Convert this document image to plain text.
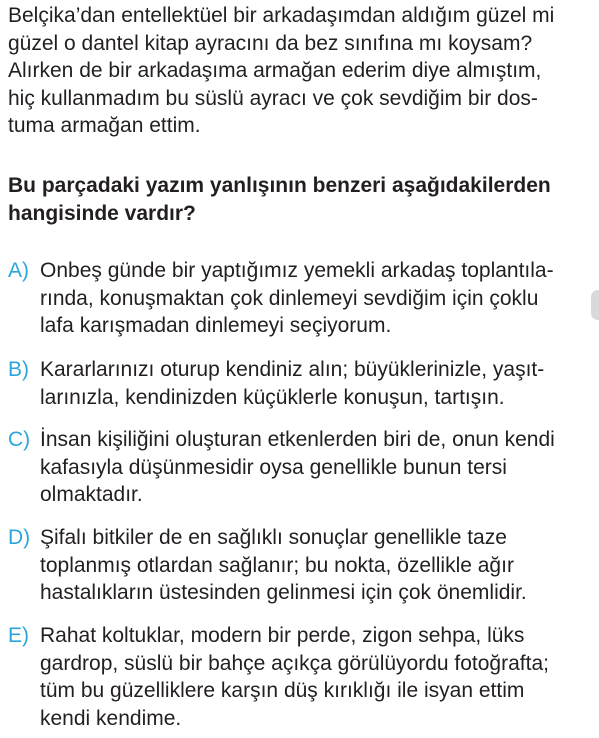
Belçika’dan entellektüel bir arkadaşımdan aldığım güzel mi
güzel o dantel kitap ayracını da bez sınıfına mı koysam?
Alırken de bir arkadaşıma armağan ederim diye almıştım,
hiç kullanmadım bu süslü ayracı ve çok sevdiğim bir dos-
tuma armağan ettim.

Bu parçadaki yazım yanlışının benzeri aşağıdakilerden
hangisinde vardır?

A) Onbeş günde bir yaptığımız yemekli arkadaş toplantıla-
rında, konuşmaktan çok dinlemeyi sevdiğim için çoklu
lafa karışmadan dinlemeyi seçiyorum.
B) Kararlarınızı oturup kendiniz alın; büyüklerinizle, yaşıt-
larınızla, kendinizden küçüklerle konuşun, tartışın.
C) İnsan kişiliğini oluşturan etkenlerden biri de, onun kendi
kafasıyla düşünmesidir oysa genellikle bunun tersi
olmaktadır.
D) Şifalı bitkiler de en sağlıklı sonuçlar genellikle taze
toplanmış otlardan sağlanır; bu nokta, özellikle ağır
hastalıkların üstesinden gelinmesi için çok önemlidir.
E) Rahat koltuklar, modern bir perde, zigon sehpa, lüks
gardrop, süslü bir bahçe açıkça görülüyordu fotoğrafta;
tüm bu güzelliklere karşın düş kırıklığı ile isyan ettim
kendi kendime.
